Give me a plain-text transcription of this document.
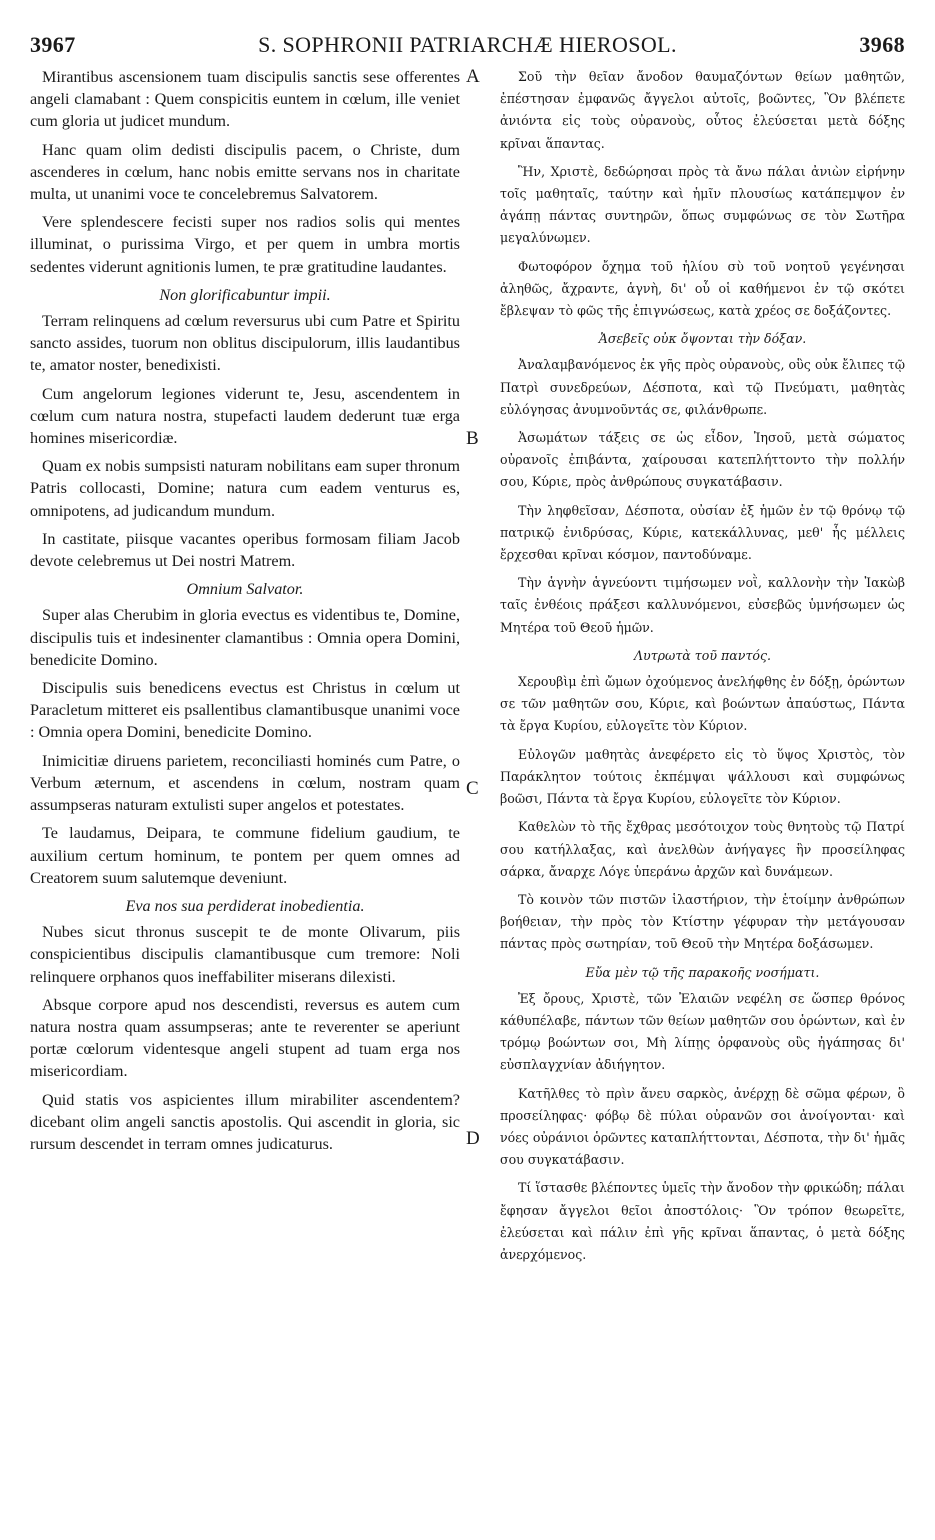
3967	S. SOPHRONII PATRIARCHÆ HIEROSOL.	3968

Mirantibus ascensionem tuam discipulis sanctis sese offerentes angeli clamabant : Quem conspicitis euntem in cœlum, ille veniet cum gloria ut judicet mundum.

Hanc quam olim dedisti discipulis pacem, o Christe, dum ascenderes in cœlum, hanc nobis emitte servans nos in charitate multa, ut unanimi voce te concelebremus Salvatorem.

Vere splendescere fecisti super nos radios solis qui mentes illuminat, o purissima Virgo, et per quem in umbra mortis sedentes viderunt agnitionis lumen, te præ gratitudine laudantes.

Non glorificabuntur impii.

Terram relinquens ad cœlum reversurus ubi cum Patre et Spiritu sancto assides, tuorum non oblitus discipulorum, illis laudantibus te, amator noster, benedixisti.

Cum angelorum legiones viderunt te, Jesu, ascendentem in cœlum cum natura nostra, stupefacti laudem dederunt tuæ erga homines misericordiæ.

Quam ex nobis sumpsisti naturam nobilitans eam super thronum Patris collocasti, Domine; natura cum eadem venturus es, omnipotens, ad judicandum mundum.

In castitate, piisque vacantes operibus formosam filiam Jacob devote celebremus ut Dei nostri Matrem.

Omnium Salvator.

Super alas Cherubim in gloria evectus es videntibus te, Domine, discipulis tuis et indesinenter clamantibus : Omnia opera Domini, benedicite Domino.

Discipulis suis benedicens evectus est Christus in cœlum ut Paracletum mitteret eis psallentibus clamantibusque unanimi voce : Omnia opera Domini, benedicite Domino.

Inimicitiæ diruens parietem, reconciliasti hominés cum Patre, o Verbum æternum, et ascendens in cœlum, nostram quam assumpseras naturam extulisti super angelos et potestates.

Te laudamus, Deipara, te commune fidelium gaudium, te auxilium certum hominum, te pontem per quem omnes ad Creatorem suum salutemque deveniunt.

Eva nos sua perdiderat inobedientia.

Nubes sicut thronus suscepit te de monte Olivarum, piis conspicientibus discipulis clamantibusque cum tremore: Noli relinquere orphanos quos ineffabiliter miserans dilexisti.

Absque corpore apud nos descendisti, reversus es autem cum natura nostra quam assumpseras; ante te reverenter se aperiunt portæ cœlorum videntesque angeli stupent ad tuam erga nos misericordiam.

Quid statis vos aspicientes illum mirabiliter ascendentem? dicebant olim angeli sanctis apostolis. Qui ascendit in gloria, sic rursum descendet in terram omnes judicaturus.

A
B
C
D

Σοῦ τὴν θεῖαν ἄνοδον θαυμαζόντων θείων μαθητῶν, ἐπέστησαν ἐμφανῶς ἄγγελοι αὐτοῖς, βοῶντες, Ὃν βλέπετε ἀνιόντα εἰς τοὺς οὐρανοὺς, οὗτος ἐλεύσεται μετὰ δόξης κρῖναι ἅπαντας.

Ἣν, Χριστὲ, δεδώρησαι πρὸς τὰ ἄνω πάλαι ἀνιὼν εἰρήνην τοῖς μαθηταῖς, ταύτην καὶ ἡμῖν πλουσίως κατάπεμψον ἐν ἀγάπῃ πάντας συντηρῶν, ὅπως συμφώνως σε τὸν Σωτῆρα μεγαλύνωμεν.

Φωτοφόρον ὄχημα τοῦ ἡλίου σὺ τοῦ νοητοῦ γεγένησαι ἀληθῶς, ἄχραντε, ἁγνὴ, δι' οὗ οἱ καθήμενοι ἐν τῷ σκότει ἔβλεψαν τὸ φῶς τῆς ἐπιγνώσεως, κατὰ χρέος σε δοξάζοντες.

Ἀσεβεῖς οὐκ ὄψονται τὴν δόξαν.

Ἀναλαμβανόμενος ἐκ γῆς πρὸς οὐρανοὺς, οὓς οὐκ ἔλιπες τῷ Πατρὶ συνεδρεύων, Δέσποτα, καὶ τῷ Πνεύματι, μαθητὰς εὐλόγησας ἀνυμνοῦντάς σε, φιλάνθρωπε.

Ἀσωμάτων τάξεις σε ὡς εἶδον, Ἰησοῦ, μετὰ σώματος οὐρανοῖς ἐπιβάντα, χαίρουσαι κατεπλήττοντο τὴν πολλήν σου, Κύριε, πρὸς ἀνθρώπους συγκατάβασιν.

Τὴν ληφθεῖσαν, Δέσποτα, οὐσίαν ἐξ ἡμῶν ἐν τῷ θρόνῳ τῷ πατρικῷ ἐνιδρύσας, Κύριε, κατεκάλλυνας, μεθ' ἧς μέλλεις ἔρχεσθαι κρῖναι κόσμον, παντοδύναμε.

Τὴν ἁγνὴν ἁγνεύοντι τιμήσωμεν νοῒ, καλλονὴν τὴν Ἰακὼβ ταῖς ἐνθέοις πράξεσι καλλυνόμενοι, εὐσεβῶς ὑμνήσωμεν ὡς Μητέρα τοῦ Θεοῦ ἡμῶν.

Λυτρωτὰ τοῦ παντός.

Χερουβὶμ ἐπὶ ὤμων ὀχούμενος ἀνελήφθης ἐν δόξῃ, ὁρώντων σε τῶν μαθητῶν σου, Κύριε, καὶ βοώντων ἀπαύστως, Πάντα τὰ ἔργα Κυρίου, εὐλογεῖτε τὸν Κύριον.

Εὐλογῶν μαθητὰς ἀνεφέρετο εἰς τὸ ὕψος Χριστὸς, τὸν Παράκλητον τούτοις ἐκπέμψαι ψάλλουσι καὶ συμφώνως βοῶσι, Πάντα τὰ ἔργα Κυρίου, εὐλογεῖτε τὸν Κύριον.

Καθελὼν τὸ τῆς ἔχθρας μεσότοιχον τοὺς θνητοὺς τῷ Πατρί σου κατήλλαξας, καὶ ἀνελθὼν ἀνήγαγες ἣν προσείληφας σάρκα, ἄναρχε Λόγε ὑπεράνω ἀρχῶν καὶ δυνάμεων.

Τὸ κοινὸν τῶν πιστῶν ἱλαστήριον, τὴν ἑτοίμην ἀνθρώπων βοήθειαν, τὴν πρὸς τὸν Κτίστην γέφυραν τὴν μετάγουσαν πάντας πρὸς σωτηρίαν, τοῦ Θεοῦ τὴν Μητέρα δοξάσωμεν.

Εὔα μὲν τῷ τῆς παρακοῆς νοσήματι.

Ἐξ ὄρους, Χριστὲ, τῶν Ἐλαιῶν νεφέλη σε ὥσπερ θρόνος κάθυπέλαβε, πάντων τῶν θείων μαθητῶν σου ὁρώντων, καὶ ἐν τρόμῳ βοώντων σοι, Μὴ λίπῃς ὀρφανοὺς οὓς ἠγάπησας δι' εὐσπλαγχνίαν ἀδιήγητον.

Κατῆλθες τὸ πρὶν ἄνευ σαρκὸς, ἀνέρχῃ δὲ σῶμα φέρων, ὃ προσείληφας· φόβῳ δὲ πύλαι οὐρανῶν σοι ἀνοίγονται· καὶ νόες οὐράνιοι ὁρῶντες καταπλήττονται, Δέσποτα, τὴν δι' ἡμᾶς σου συγκατάβασιν.

Τί ἵστασθε βλέποντες ὑμεῖς τὴν ἄνοδον τὴν φρικώδη; πάλαι ἔφησαν ἄγγελοι θεῖοι ἀποστόλοις· Ὃν τρόπον θεωρεῖτε, ἐλεύσεται καὶ πάλιν ἐπὶ γῆς κρῖναι ἅπαντας, ὁ μετὰ δόξης ἀνερχόμενος.
